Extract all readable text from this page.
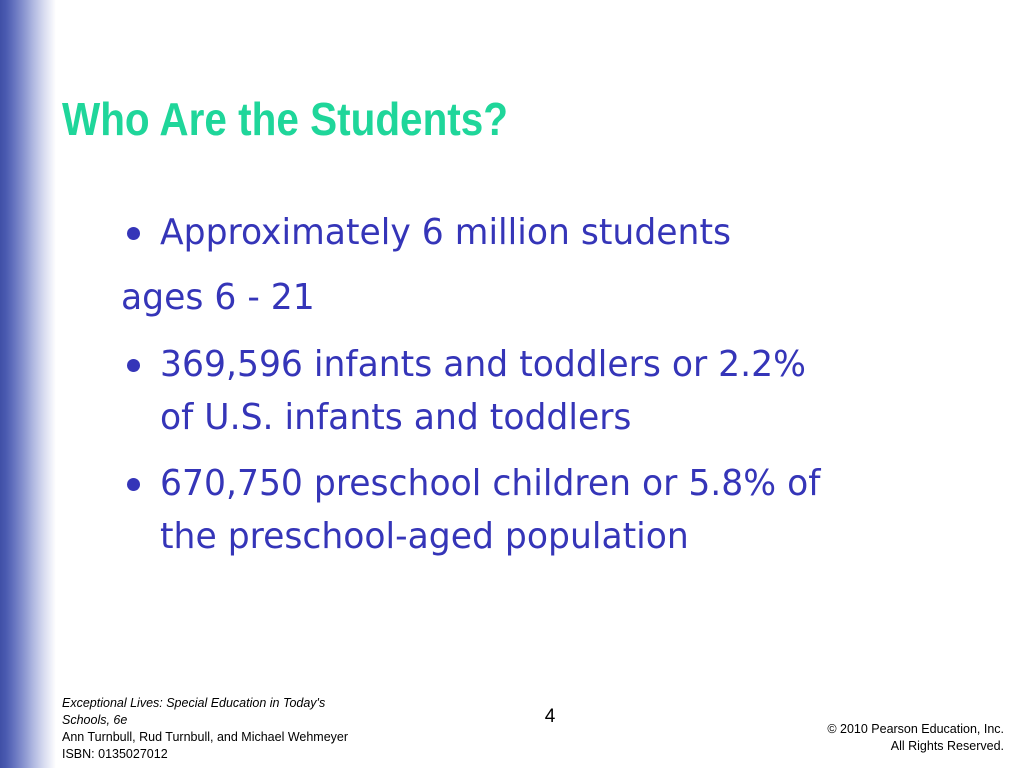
Who Are the Students?
Approximately 6 million students
ages 6 - 21
369,596 infants and toddlers or 2.2%
of U.S. infants and toddlers
670,750 preschool children or 5.8% of
the preschool-aged population
Exceptional Lives: Special Education in Today's
Schools, 6e
Ann Turnbull, Rud Turnbull, and Michael Wehmeyer
ISBN: 0135027012
4
© 2010 Pearson Education, Inc.
All Rights Reserved.
